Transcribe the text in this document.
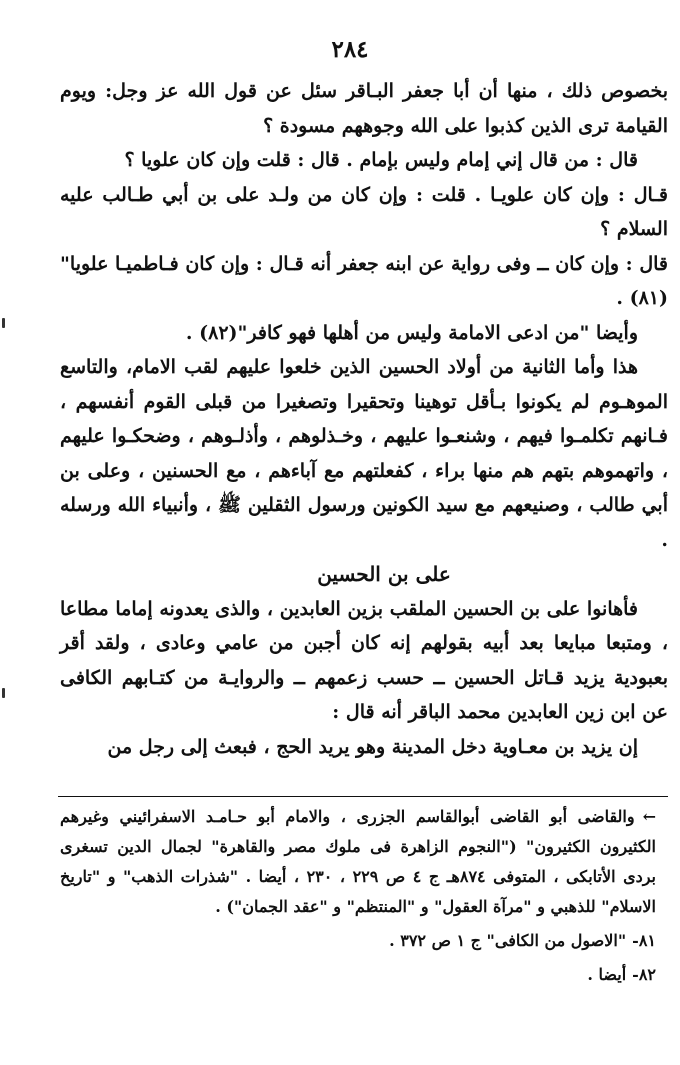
٢٨٤

بخصوص ذلك ، منها أن أبا جعفر البـاقر سئل عن قول الله عز وجل: ويوم القيامة ترى الذين كذبوا على الله وجوههم مسودة ؟

قال : من قال إني إمام وليس بإمام . قال : قلت وإن كان علويا ؟

قـال : وإن كان علويـا . قلت : وإن كان من ولـد على بن أبي طـالب عليه السلام ؟

قال : وإن كان ــ وفى رواية عن ابنه جعفر أنه قـال : وإن كان فـاطميـا علويا"(٨١) .

وأيضا "من ادعى الامامة وليس من أهلها فهو كافر"(٨٢) .

هذا وأما الثانية من أولاد الحسين الذين خلعوا عليهم لقب الامام، والتاسع الموهـوم لم يكونوا بـأقل توهينا وتحقيرا وتصغيرا من قبلى القوم أنفسهم ، فـانهم تكلمـوا فيهم ، وشنعـوا عليهم ، وخـذلوهم ، وأذلـوهم ، وضحكـوا عليهم ، واتهموهم بتهم هم منها براء ، كفعلتهم مع آباءهم ، مع الحسنين ، وعلى بن أبي طالب ، وصنيعهم مع سيد الكونين ورسول الثقلين ﷺ ، وأنبياء الله ورسله .

على بن الحسين

فأهانوا على بن الحسين الملقب بزين العابدين ، والذى يعدونه إماما مطاعا ، ومتبعا مبايعا بعد أبيه بقولهم إنه كان أجبن من عامي وعادى ، ولقد أقر بعبودية يزيد قـاتل الحسين ــ حسب زعمهم ــ والروايـة من كتـابهم الكافى عن ابن زين العابدين محمد الباقر أنه قال :

إن يزيد بن معـاوية دخل المدينة وهو يريد الحج ، فبعث إلى رجل من

←والقاضى أبو القاضى أبوالقاسم الجزرى ، والامام أبو حـامـد الاسفرائيني وغيرهم الكثيرون الكثيرون" ("النجوم الزاهرة فى ملوك مصر والقاهرة" لجمال الدين تسغرى بردى الأتابكى ، المتوفى ٨٧٤هـ ج ٤ ص ٢٢٩ ، ٢٣٠ ، أيضا . "شذرات الذهب" و "تاريخ الاسلام" للذهبي و "مرآة العقول" و "المنتظم" و "عقد الجمان") .

٨١-"الاصول من الكافى" ج ١ ص ٣٧٢ .

٨٢-أيضا .
